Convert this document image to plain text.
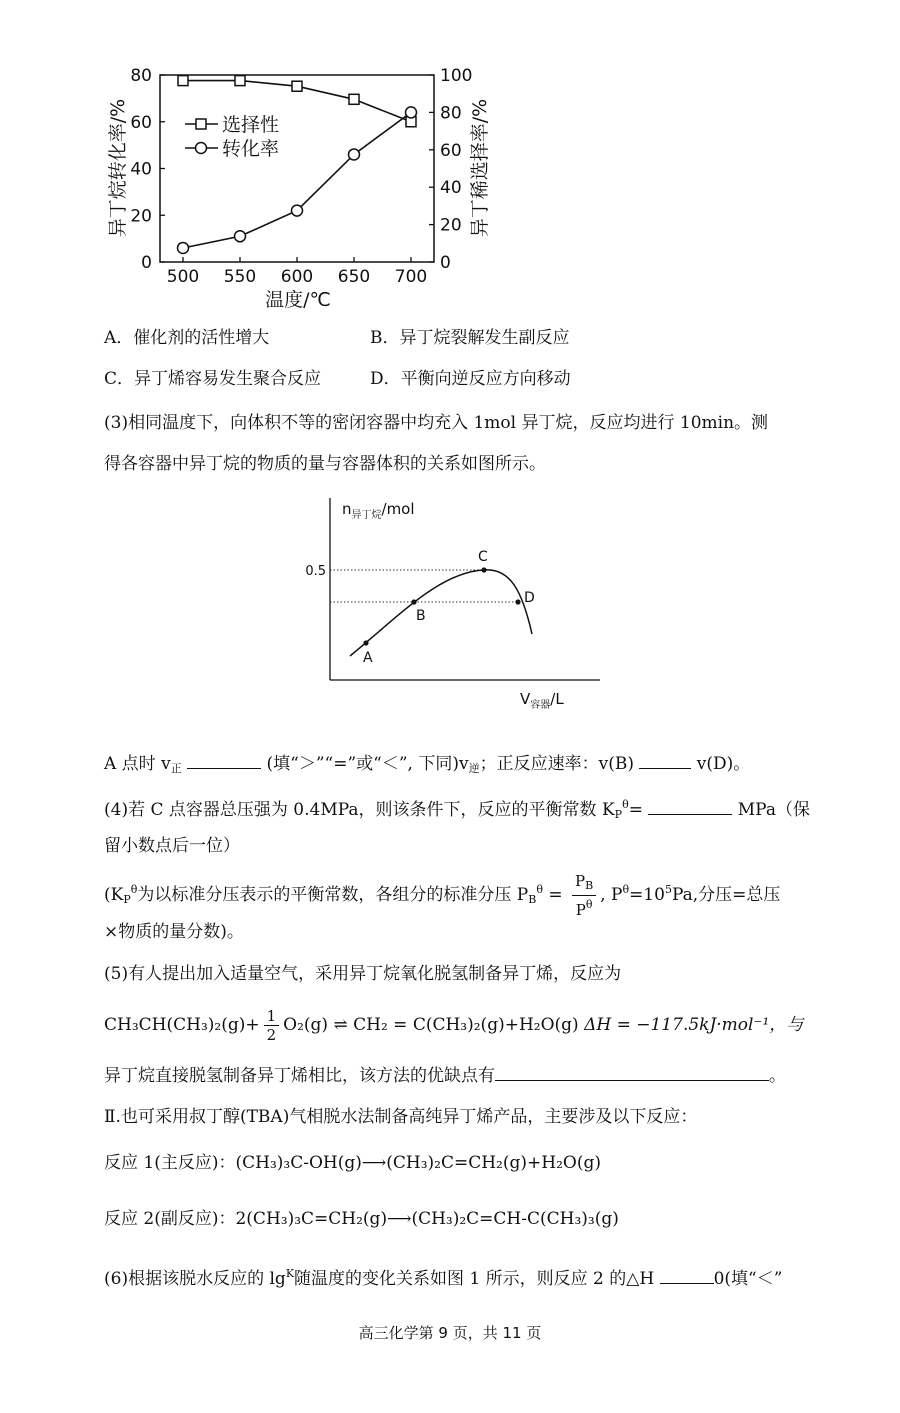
500 550 600 650 700
0
20
40
60
80
0
20
40
60
80
100
选择性
转化率
异丁烷转化率/%	异丁稀选择率/%
温度/℃
A．催化剂的活性增大	B．异丁烷裂解发生副反应
C．异丁烯容易发生聚合反应	D．平衡向逆反应方向移动
(3)相同温度下，向体积不等的密闭容器中均充入 1mol 异丁烷，反应均进行 10min。测
得各容器中异丁烷的物质的量与容器体积的关系如图所示。
A
B
C
D
0.5
$n_{异丁烷}$/mol
$V_{容器}/L$
A 点时 $v_正$	(填“＞”“=”或“＜”, 下同)$v_逆$；正反应速率：v(B)	v(D)。
(4)若 C 点容器总压强为 0.4MPa，则该条件下，反应的平衡常数 $K_P^\theta=$	MPa（保
留小数点后一位）
($K_P^\theta$为以标准分压表示的平衡常数，各组分的标准分压 $P_B^\theta = \frac{P_B}{P^\theta}$ , $P^\theta=10^5Pa$,分压=总压
×物质的量分数)。
(5)有人提出加入适量空气，采用异丁烷氧化脱氢制备异丁烯，反应为
$CH_3CH(CH_3)_2(g)+ \frac{1}{2} O_2(g)$ ⇌ CH₂ = C(CH₃)₂(g)+H₂O(g) ΔH = −117.5kJ·mol⁻¹，与
异丁烷直接脱氢制备异丁烯相比，该方法的优缺点有	。
Ⅱ.也可采用叔丁醇(TBA)气相脱水法制备高纯异丁烯产品，主要涉及以下反应：
反应 1(主反应)：(CH₃)₃C-OH(g)⟶(CH₃)₂C=CH₂(g)+H₂O(g)
反应 2(副反应)：2(CH₃)₃C=CH₂(g)⟶(CH₃)₂C=CH-C(CH₃)₃(g)
(6)根据该脱水反应的 $\lg^K$随温度的变化关系如图 1 所示，则反应 2 的△H	0(填“＜”
高三化学第 9 页，共 11 页
